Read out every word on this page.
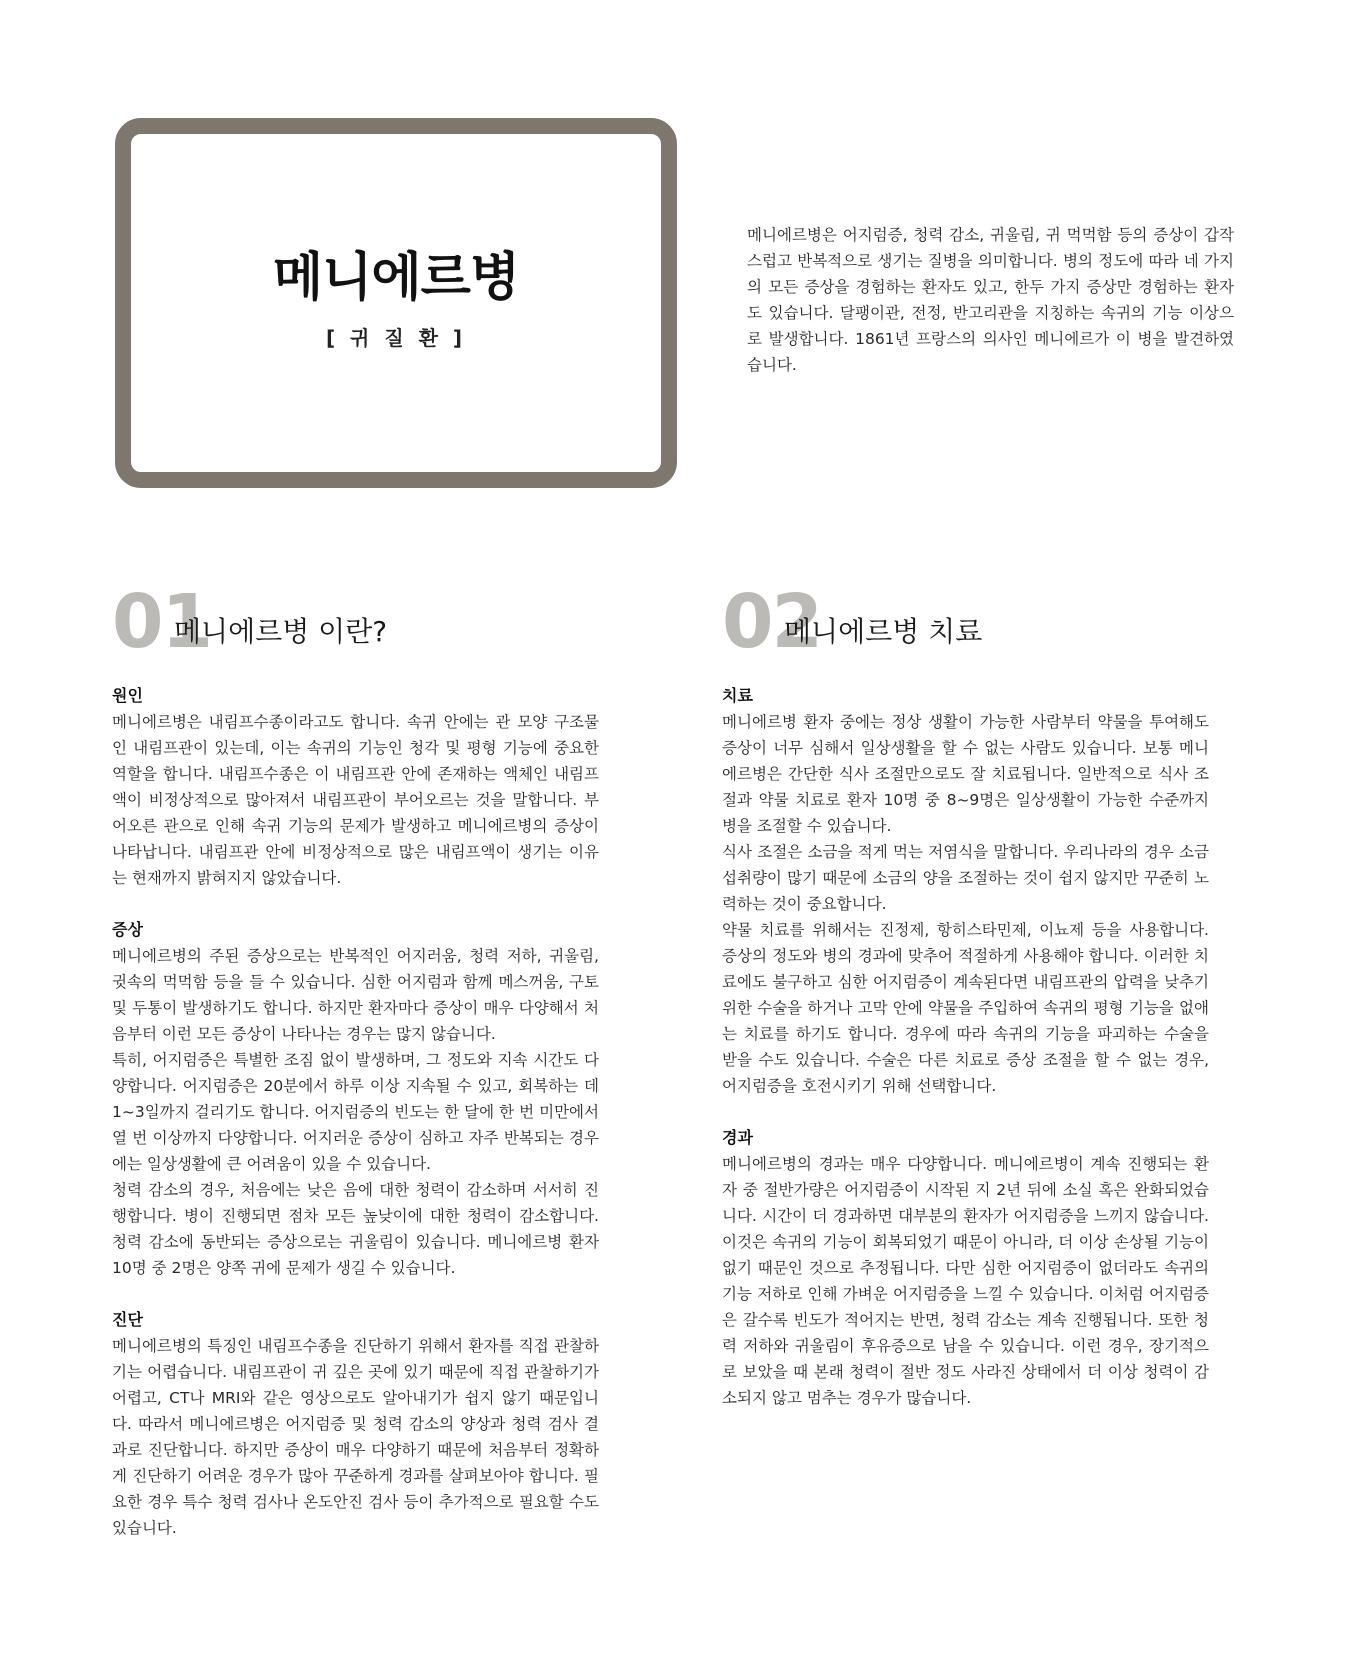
메니에르병
[ 귀 질 환 ]

메니에르병은 어지럼증, 청력 감소, 귀울림, 귀 먹먹함 등의 증상이 갑작스럽고 반복적으로 생기는 질병을 의미합니다. 병의 정도에 따라 네 가지의 모든 증상을 경험하는 환자도 있고, 한두 가지 증상만 경험하는 환자도 있습니다. 달팽이관, 전정, 반고리관을 지칭하는 속귀의 기능 이상으로 발생합니다. 1861년 프랑스의 의사인 메니에르가 이 병을 발견하였습니다.

01
메니에르병 이란?
원인

메니에르병은 내림프수종이라고도 합니다. 속귀 안에는 관 모양 구조물인 내림프관이 있는데, 이는 속귀의 기능인 청각 및 평형 기능에 중요한 역할을 합니다. 내림프수종은 이 내림프관 안에 존재하는 액체인 내림프액이 비정상적으로 많아져서 내림프관이 부어오르는 것을 말합니다. 부어오른 관으로 인해 속귀 기능의 문제가 발생하고 메니에르병의 증상이 나타납니다. 내림프관 안에 비정상적으로 많은 내림프액이 생기는 이유는 현재까지 밝혀지지 않았습니다.

증상

메니에르병의 주된 증상으로는 반복적인 어지러움, 청력 저하, 귀울림, 귓속의 먹먹함 등을 들 수 있습니다. 심한 어지럼과 함께 메스꺼움, 구토 및 두통이 발생하기도 합니다. 하지만 환자마다 증상이 매우 다양해서 처음부터 이런 모든 증상이 나타나는 경우는 많지 않습니다.

특히, 어지럼증은 특별한 조짐 없이 발생하며, 그 정도와 지속 시간도 다양합니다. 어지럼증은 20분에서 하루 이상 지속될 수 있고, 회복하는 데 1~3일까지 걸리기도 합니다. 어지럼증의 빈도는 한 달에 한 번 미만에서 열 번 이상까지 다양합니다. 어지러운 증상이 심하고 자주 반복되는 경우에는 일상생활에 큰 어려움이 있을 수 있습니다.

청력 감소의 경우, 처음에는 낮은 음에 대한 청력이 감소하며 서서히 진행합니다. 병이 진행되면 점차 모든 높낮이에 대한 청력이 감소합니다. 청력 감소에 동반되는 증상으로는 귀울림이 있습니다. 메니에르병 환자 10명 중 2명은 양쪽 귀에 문제가 생길 수 있습니다.

진단

메니에르병의 특징인 내림프수종을 진단하기 위해서 환자를 직접 관찰하기는 어렵습니다. 내림프관이 귀 깊은 곳에 있기 때문에 직접 관찰하기가 어렵고, CT나 MRI와 같은 영상으로도 알아내기가 쉽지 않기 때문입니다. 따라서 메니에르병은 어지럼증 및 청력 감소의 양상과 청력 검사 결과로 진단합니다. 하지만 증상이 매우 다양하기 때문에 처음부터 정확하게 진단하기 어려운 경우가 많아 꾸준하게 경과를 살펴보아야 합니다. 필요한 경우 특수 청력 검사나 온도안진 검사 등이 추가적으로 필요할 수도 있습니다.

02
메니에르병 치료
치료

메니에르병 환자 중에는 정상 생활이 가능한 사람부터 약물을 투여해도 증상이 너무 심해서 일상생활을 할 수 없는 사람도 있습니다. 보통 메니에르병은 간단한 식사 조절만으로도 잘 치료됩니다. 일반적으로 식사 조절과 약물 치료로 환자 10명 중 8~9명은 일상생활이 가능한 수준까지 병을 조절할 수 있습니다.

식사 조절은 소금을 적게 먹는 저염식을 말합니다. 우리나라의 경우 소금 섭취량이 많기 때문에 소금의 양을 조절하는 것이 쉽지 않지만 꾸준히 노력하는 것이 중요합니다.

약물 치료를 위해서는 진정제, 항히스타민제, 이뇨제 등을 사용합니다. 증상의 정도와 병의 경과에 맞추어 적절하게 사용해야 합니다. 이러한 치료에도 불구하고 심한 어지럼증이 계속된다면 내림프관의 압력을 낮추기 위한 수술을 하거나 고막 안에 약물을 주입하여 속귀의 평형 기능을 없애는 치료를 하기도 합니다. 경우에 따라 속귀의 기능을 파괴하는 수술을 받을 수도 있습니다. 수술은 다른 치료로 증상 조절을 할 수 없는 경우, 어지럼증을 호전시키기 위해 선택합니다.

경과

메니에르병의 경과는 매우 다양합니다. 메니에르병이 계속 진행되는 환자 중 절반가량은 어지럼증이 시작된 지 2년 뒤에 소실 혹은 완화되었습니다. 시간이 더 경과하면 대부분의 환자가 어지럼증을 느끼지 않습니다. 이것은 속귀의 기능이 회복되었기 때문이 아니라, 더 이상 손상될 기능이 없기 때문인 것으로 추정됩니다. 다만 심한 어지럼증이 없더라도 속귀의 기능 저하로 인해 가벼운 어지럼증을 느낄 수 있습니다. 이처럼 어지럼증은 갈수록 빈도가 적어지는 반면, 청력 감소는 계속 진행됩니다. 또한 청력 저하와 귀울림이 후유증으로 남을 수 있습니다. 이런 경우, 장기적으로 보았을 때 본래 청력이 절반 정도 사라진 상태에서 더 이상 청력이 감소되지 않고 멈추는 경우가 많습니다.
